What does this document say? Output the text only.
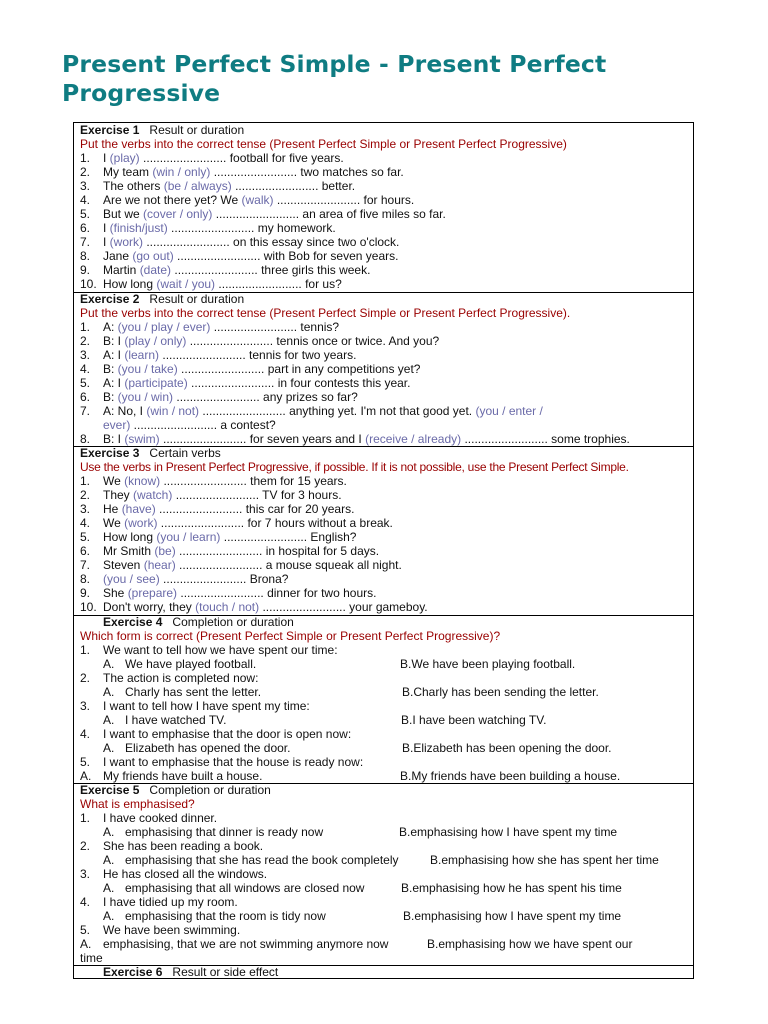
Present Perfect Simple - Present Perfect Progressive
Exercise 1 Result or duration
Put the verbs into the correct tense (Present Perfect Simple or Present Perfect Progressive)
1. I (play) ......................... football for five years.
2. My team (win / only) ......................... two matches so far.
3. The others (be / always) ......................... better.
4. Are we not there yet? We (walk) ......................... for hours.
5. But we (cover / only) ......................... an area of five miles so far.
6. I (finish/just) ......................... my homework.
7. I (work) ......................... on this essay since two o'clock.
8. Jane (go out) ......................... with Bob for seven years.
9. Martin (date) ......................... three girls this week.
10. How long (wait / you) ......................... for us?
Exercise 2 Result or duration
Put the verbs into the correct tense (Present Perfect Simple or Present Perfect Progressive).
1. A: (you / play / ever) ......................... tennis?
2. B: I (play / only) ......................... tennis once or twice. And you?
3. A: I (learn) ......................... tennis for two years.
4. B: (you / take) ......................... part in any competitions yet?
5. A: I (participate) ......................... in four contests this year.
6. B: (you / win) ......................... any prizes so far?
7. A: No, I (win / not) ......................... anything yet. I'm not that good yet. (you / enter /
ever) ......................... a contest?
8. B: I (swim) ......................... for seven years and I (receive / already) ......................... some trophies.
Exercise 3 Certain verbs
Use the verbs in Present Perfect Progressive, if possible. If it is not possible, use the Present Perfect Simple.
1. We (know) ......................... them for 15 years.
2. They (watch) ......................... TV for 3 hours.
3. He (have) ......................... this car for 20 years.
4. We (work) ......................... for 7 hours without a break.
5. How long (you / learn) ......................... English?
6. Mr Smith (be) ......................... in hospital for 5 days.
7. Steven (hear) ......................... a mouse squeak all night.
8. (you / see) ......................... Brona?
9. She (prepare) ......................... dinner for two hours.
10. Don't worry, they (touch / not) ......................... your gameboy.
Exercise 4 Completion or duration
Which form is correct (Present Perfect Simple or Present Perfect Progressive)?
1. We want to tell how we have spent our time:
A. We have played football.	B.We have been playing football.
2. The action is completed now:
A. Charly has sent the letter.	B.Charly has been sending the letter.
3. I want to tell how I have spent my time:
A. I have watched TV.	B.I have been watching TV.
4. I want to emphasise that the door is open now:
A. Elizabeth has opened the door.	B.Elizabeth has been opening the door.
5. I want to emphasise that the house is ready now:
A. My friends have built a house.	B.My friends have been building a house.
Exercise 5 Completion or duration
What is emphasised?
1. I have cooked dinner.
A. emphasising that dinner is ready now	B.emphasising how I have spent my time
2. She has been reading a book.
A. emphasising that she has read the book completely	B.emphasising how she has spent her time
3. He has closed all the windows.
A. emphasising that all windows are closed now	B.emphasising how he has spent his time
4. I have tidied up my room.
A. emphasising that the room is tidy now	B.emphasising how I have spent my time
5. We have been swimming.
A. emphasising, that we are not swimming anymore now	B.emphasising how we have spent our
time
Exercise 6 Result or side effect
